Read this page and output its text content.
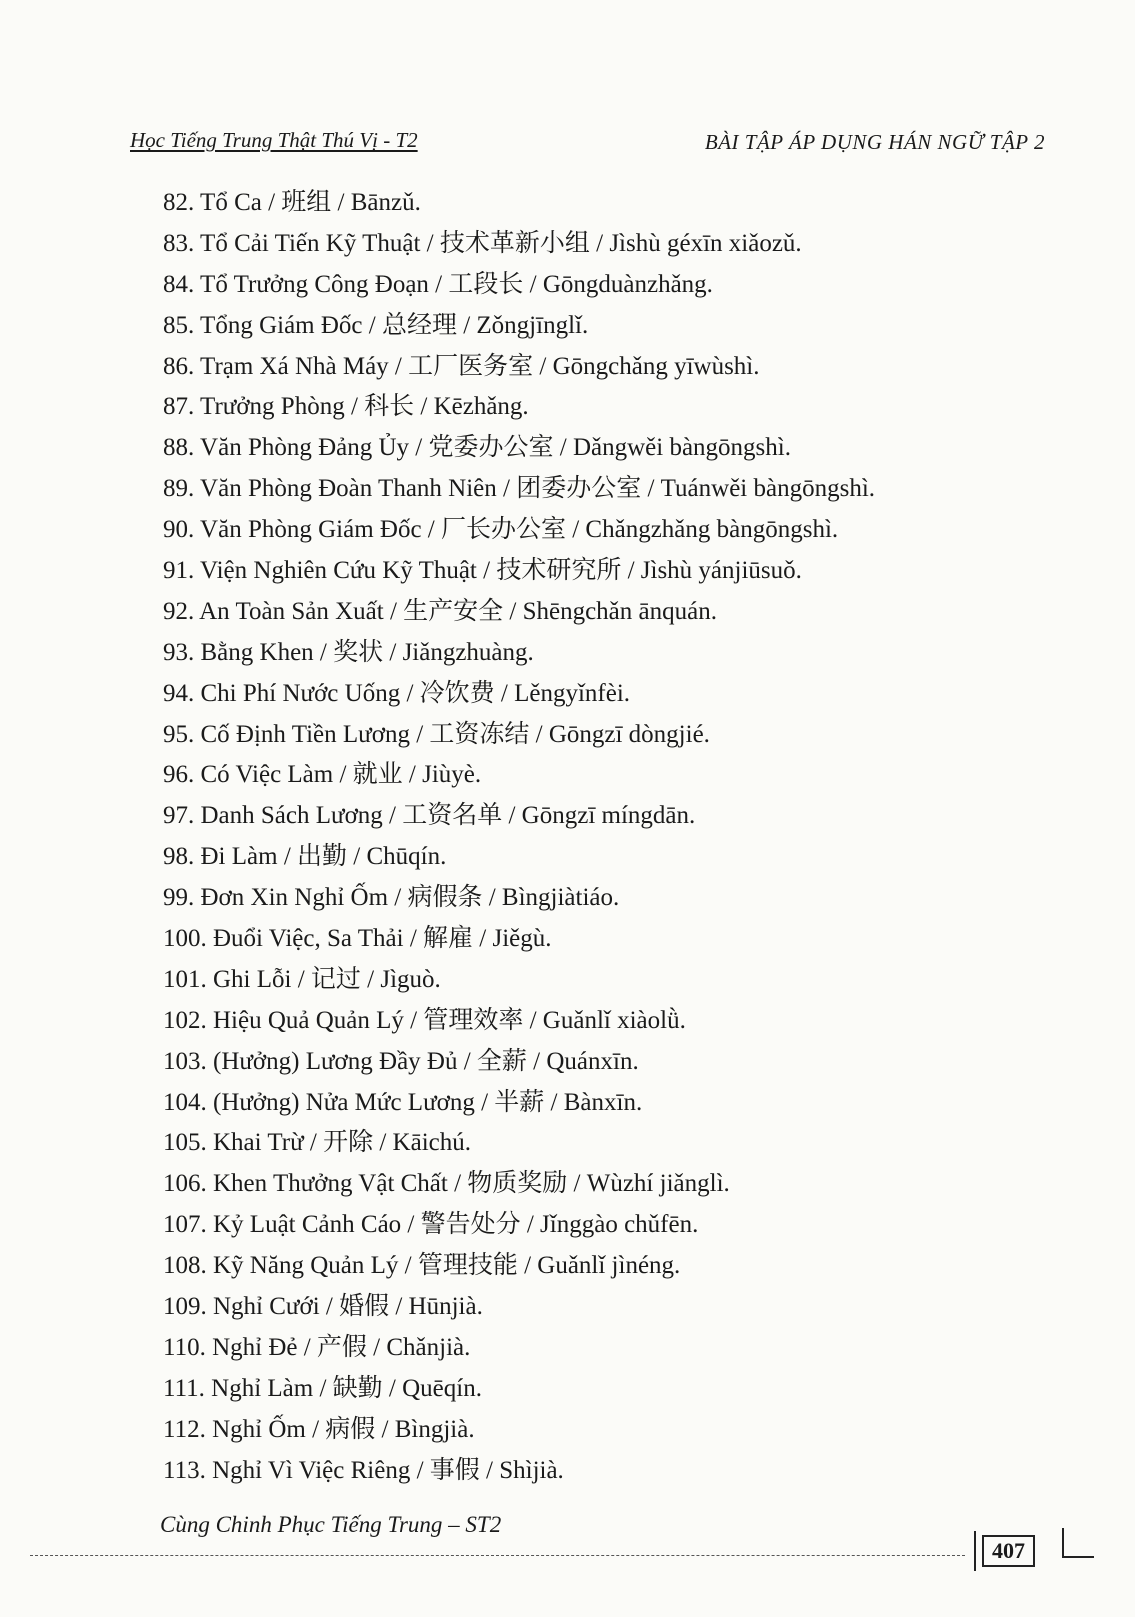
Học Tiếng Trung Thật Thú Vị - T2	BÀI TẬP ÁP DỤNG HÁN NGỮ TẬP 2
82. Tổ Ca / 班组 / Bānzǔ.
83. Tổ Cải Tiến Kỹ Thuật / 技术革新小组 / Jìshù géxīn xiǎozǔ.
84. Tổ Trưởng Công Đoạn / 工段长 / Gōngduànzhǎng.
85. Tổng Giám Đốc / 总经理 / Zǒngjīnglǐ.
86. Trạm Xá Nhà Máy / 工厂医务室 / Gōngchǎng yīwùshì.
87. Trưởng Phòng / 科长 / Kēzhǎng.
88. Văn Phòng Đảng Ủy / 党委办公室 / Dǎngwěi bàngōngshì.
89. Văn Phòng Đoàn Thanh Niên / 团委办公室 / Tuánwěi bàngōngshì.
90. Văn Phòng Giám Đốc / 厂长办公室 / Chǎngzhǎng bàngōngshì.
91. Viện Nghiên Cứu Kỹ Thuật / 技术研究所 / Jìshù yánjiūsuǒ.
92. An Toàn Sản Xuất / 生产安全 / Shēngchǎn ānquán.
93. Bằng Khen / 奖状 / Jiǎngzhuàng.
94. Chi Phí Nước Uống / 冷饮费 / Lěngyǐnfèi.
95. Cố Định Tiền Lương / 工资冻结 / Gōngzī dòngjié.
96. Có Việc Làm / 就业 / Jiùyè.
97. Danh Sách Lương / 工资名单 / Gōngzī míngdān.
98. Đi Làm / 出勤 / Chūqín.
99. Đơn Xin Nghỉ Ốm / 病假条 / Bìngjiàtiáo.
100. Đuổi Việc, Sa Thải / 解雇 / Jiěgù.
101. Ghi Lỗi / 记过 / Jìguò.
102. Hiệu Quả Quản Lý / 管理效率 / Guǎnlǐ xiàolǜ.
103. (Hưởng) Lương Đầy Đủ / 全薪 / Quánxīn.
104. (Hưởng) Nửa Mức Lương / 半薪 / Bànxīn.
105. Khai Trừ / 开除 / Kāichú.
106. Khen Thưởng Vật Chất / 物质奖励 / Wùzhí jiǎnglì.
107. Kỷ Luật Cảnh Cáo / 警告处分 / Jǐnggào chǔfēn.
108. Kỹ Năng Quản Lý / 管理技能 / Guǎnlǐ jìnéng.
109. Nghỉ Cưới / 婚假 / Hūnjià.
110. Nghỉ Đẻ / 产假 / Chǎnjià.
111. Nghỉ Làm / 缺勤 / Quēqín.
112. Nghỉ Ốm / 病假 / Bìngjià.
113. Nghỉ Vì Việc Riêng / 事假 / Shìjià.
Cùng Chinh Phục Tiếng Trung – ST2
407
